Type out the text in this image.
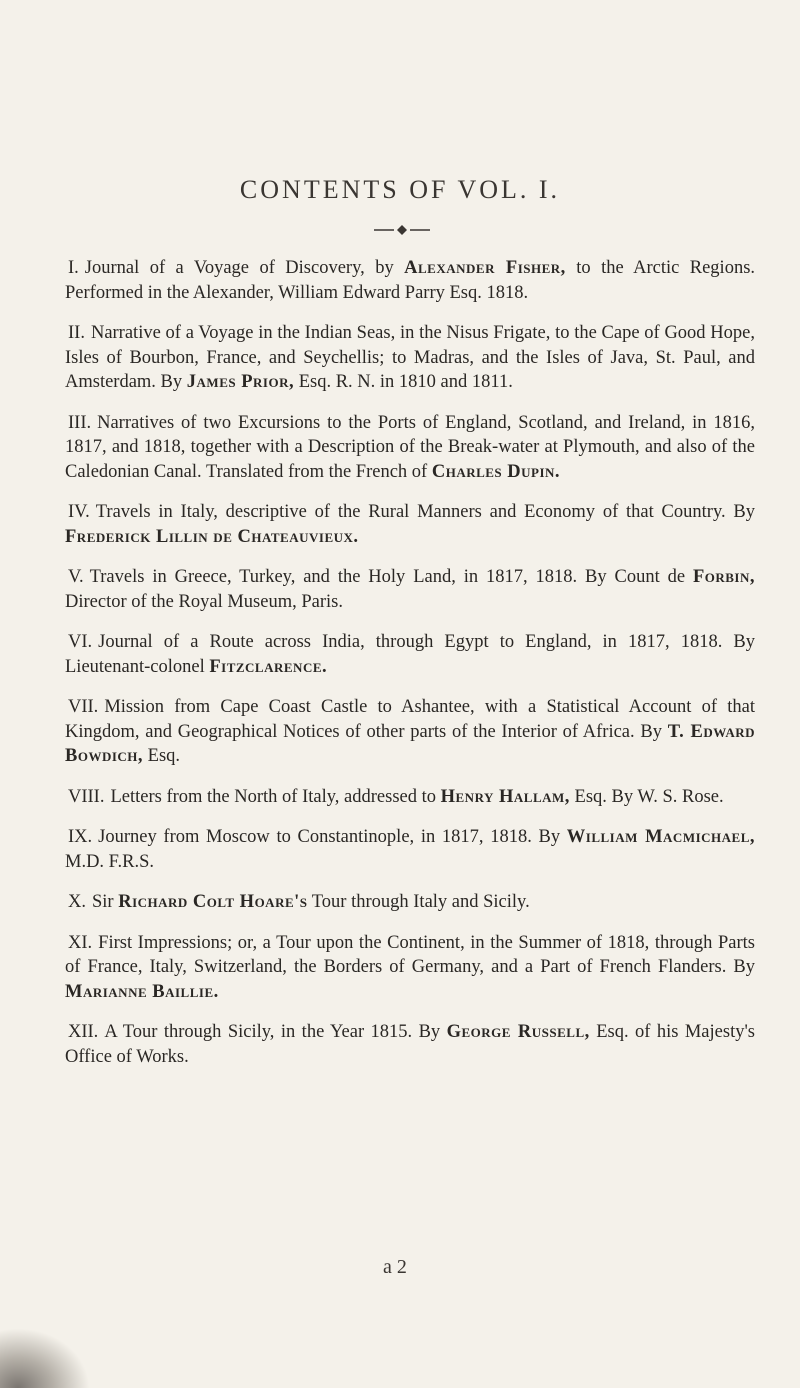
CONTENTS OF VOL. I.

I. Journal of a Voyage of Discovery, by Alexander Fisher, to the Arctic Regions. Performed in the Alexander, William Edward Parry Esq. 1818.

II. Narrative of a Voyage in the Indian Seas, in the Nisus Frigate, to the Cape of Good Hope, Isles of Bourbon, France, and Seychellis; to Madras, and the Isles of Java, St. Paul, and Amsterdam. By James Prior, Esq. R. N. in 1810 and 1811.

III. Narratives of two Excursions to the Ports of England, Scotland, and Ireland, in 1816, 1817, and 1818, together with a Description of the Break-water at Plymouth, and also of the Caledonian Canal. Translated from the French of Charles Dupin.

IV. Travels in Italy, descriptive of the Rural Manners and Economy of that Country. By Frederick Lillin de Chateauvieux.

V. Travels in Greece, Turkey, and the Holy Land, in 1817, 1818. By Count de Forbin, Director of the Royal Museum, Paris.

VI. Journal of a Route across India, through Egypt to England, in 1817, 1818. By Lieutenant-colonel Fitzclarence.

VII. Mission from Cape Coast Castle to Ashantee, with a Statistical Account of that Kingdom, and Geographical Notices of other parts of the Interior of Africa. By T. Edward Bowdich, Esq.

VIII. Letters from the North of Italy, addressed to Henry Hallam, Esq. By W. S. Rose.

IX. Journey from Moscow to Constantinople, in 1817, 1818. By William Macmichael, M.D. F.R.S.

X. Sir Richard Colt Hoare's Tour through Italy and Sicily.

XI. First Impressions; or, a Tour upon the Continent, in the Summer of 1818, through Parts of France, Italy, Switzerland, the Borders of Germany, and a Part of French Flanders. By Marianne Baillie.

XII. A Tour through Sicily, in the Year 1815. By George Russell, Esq. of his Majesty's Office of Works.

a 2
